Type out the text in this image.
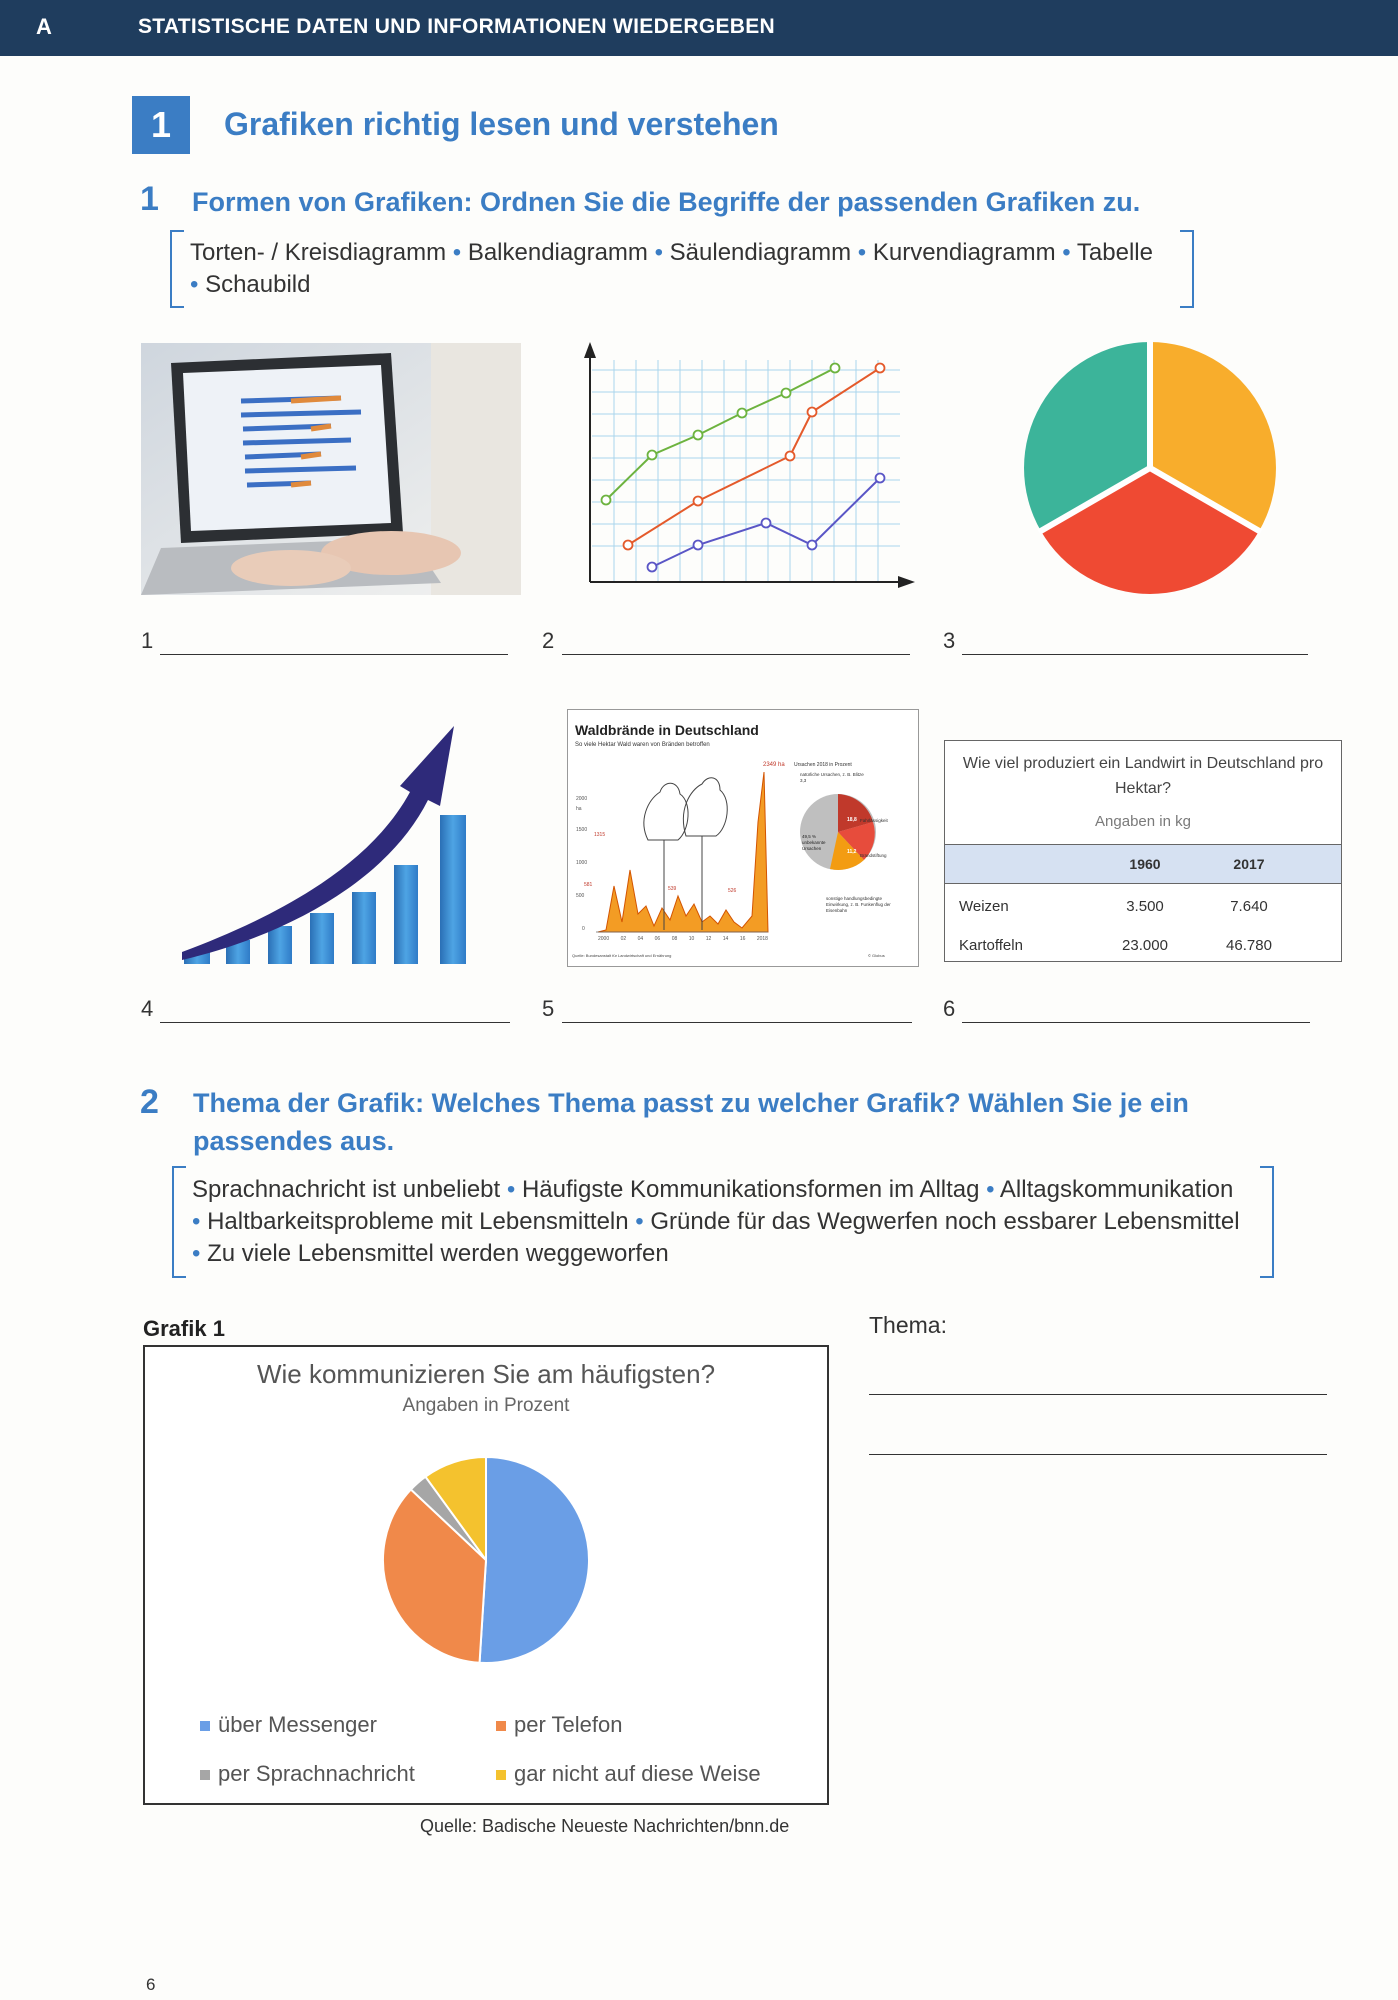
A	STATISTISCHE DATEN UND INFORMATIONEN WIEDERGEBEN
1	Grafiken richtig lesen und verstehen
1 Formen von Grafiken: Ordnen Sie die Begriffe der passenden Grafiken zu.
Torten- / Kreisdiagramm • Balkendiagramm • Säulendiagramm • Kurvendiagramm • Tabelle
• Schaubild
1	2	3
Waldbrände in Deutschland
So viele Hektar Wald waren von Bränden betroffen
2349 ha Ursachen 2018 in Prozent
2000
ha
1500
1000
500
0
1315
581
539	526
2000 02 04 06 08 10 12 14 16 2018
natürliche Ursachen, z. B. Blitze 3,3
Fahrlässigkeit
Brandstiftung
sonstige handlungsbedingte Einwirkung, z. B. Funkenflug der Eisenbahn
18,8
11,2
17,1
49,5 % unbekannte Ursachen
Quelle: Bundesanstalt für Landwirtschaft und Ernährung	© Globus
Wie viel produziert ein Landwirt in Deutschland pro Hektar?
Angaben in kg
1960	2017
Weizen	3.500	7.640
Kartoffeln	23.000	46.780
4	5	6
2 Thema der Grafik: Welches Thema passt zu welcher Grafik? Wählen Sie je ein
passendes aus.
Sprachnachricht ist unbeliebt • Häufigste Kommunikationsformen im Alltag • Alltagskommunikation
• Haltbarkeitsprobleme mit Lebensmitteln • Gründe für das Wegwerfen noch essbarer Lebensmittel
• Zu viele Lebensmittel werden weggeworfen
Grafik 1	Thema:
Wie kommunizieren Sie am häufigsten?
Angaben in Prozent
über Messenger	per Telefon
per Sprachnachricht	gar nicht auf diese Weise
Quelle: Badische Neueste Nachrichten/bnn.de
6
